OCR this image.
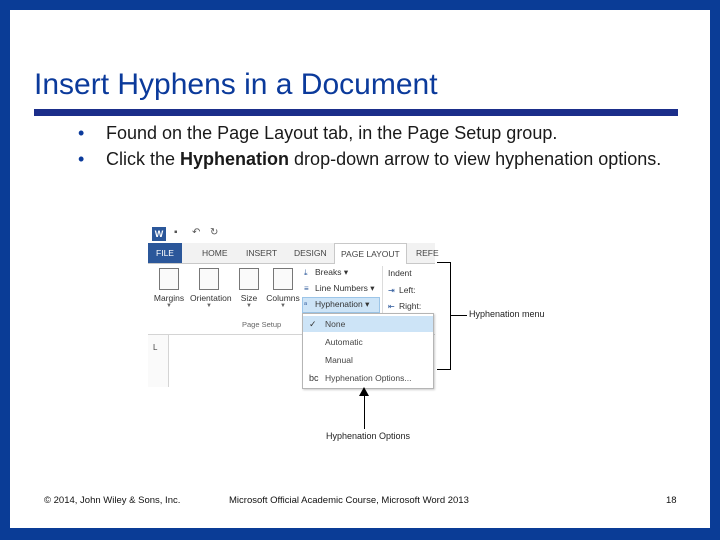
Insert Hyphens in a Document
• Found on the Page Layout tab, in the Page Setup group.
• Click the Hyphenation drop-down arrow to view hyphenation options.
W ▪	↶ ↻
FILE	HOME	INSERT	DESIGN	PAGE LAYOUT	REFE
Margins
▼
Orientation
▼
Size
▼
Columns
▼
⤓ Breaks ▾
≡ Line Numbers ▾
ᵃ Hyphenation ▾
Indent
⇥ Left:
⇤ Right:
Page Setup
L
✓ None
Automatic
Manual
bc Hyphenation Options...
Hyphenation menu
Hyphenation Options
© 2014, John Wiley & Sons, Inc.	Microsoft Official Academic Course, Microsoft Word 2013	18
